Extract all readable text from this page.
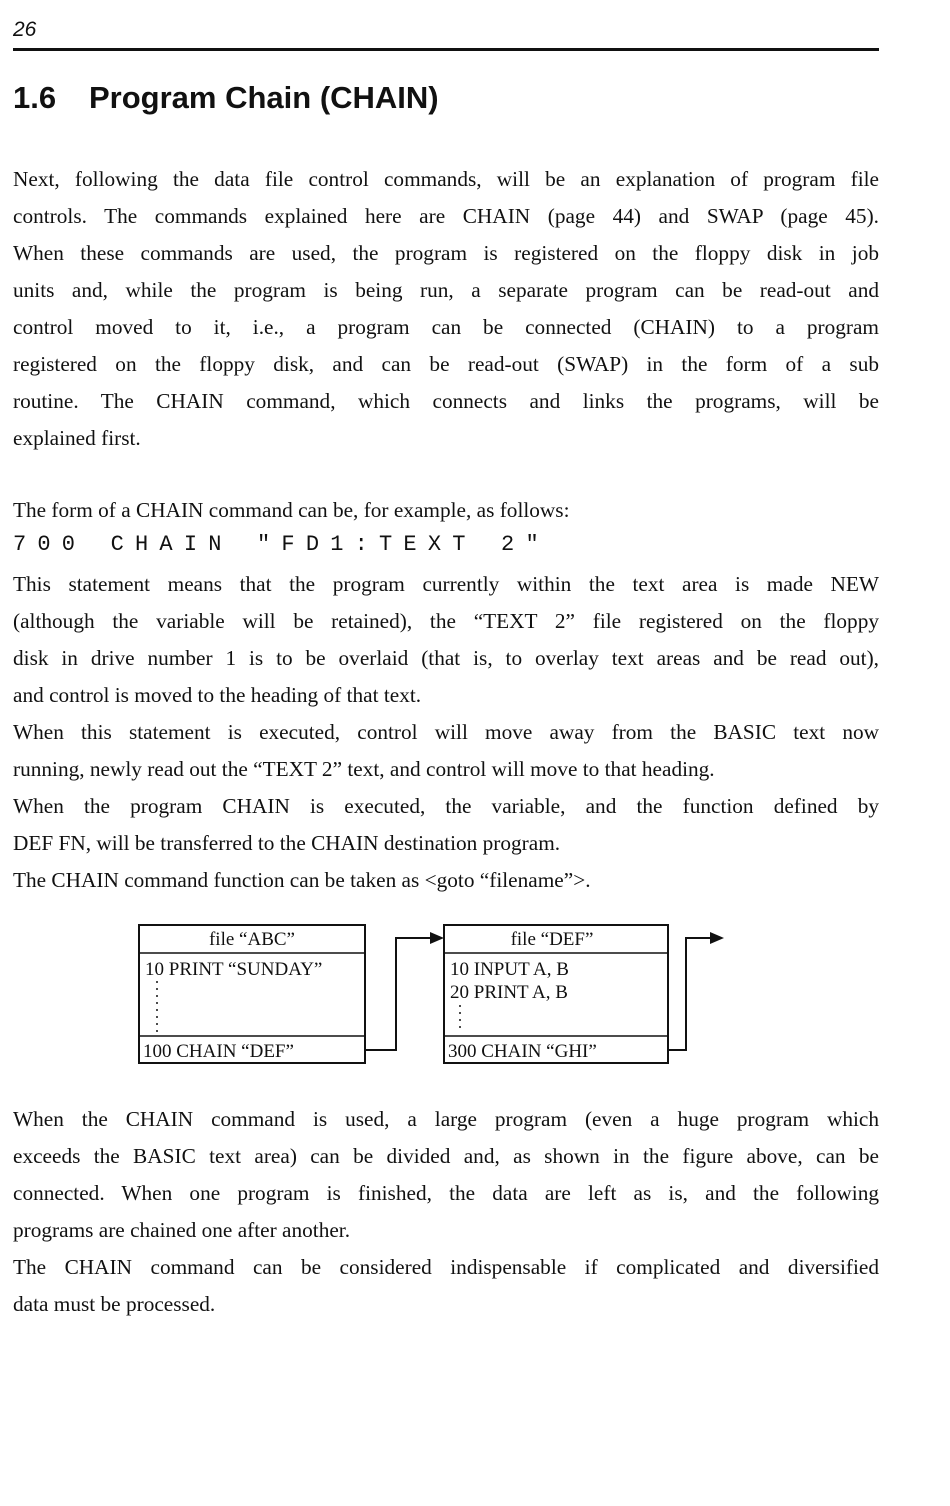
26
1.6 Program Chain (CHAIN)
Next, following the data file control commands, will be an explanation of program file
controls. The commands explained here are CHAIN (page 44) and SWAP (page 45).
When these commands are used, the program is registered on the floppy disk in job
units and, while the program is being run, a separate program can be read-out and
control moved to it, i.e., a program can be connected (CHAIN) to a program
registered on the floppy disk, and can be read-out (SWAP) in the form of a sub
routine. The CHAIN command, which connects and links the programs, will be
explained first.
The form of a CHAIN command can be, for example, as follows:
700 CHAIN "FD1:TEXT 2"
This statement means that the program currently within the text area is made NEW
(although the variable will be retained), the “TEXT 2” file registered on the floppy
disk in drive number 1 is to be overlaid (that is, to overlay text areas and be read out),
and control is moved to the heading of that text.
When this statement is executed, control will move away from the BASIC text now
running, newly read out the “TEXT 2” text, and control will move to that heading.
When the program CHAIN is executed, the variable, and the function defined by
DEF FN, will be transferred to the CHAIN destination program.
The CHAIN command function can be taken as <goto “filename”>.
file “ABC”
10 PRINT “SUNDAY”
100 CHAIN “DEF”
file “DEF”
10 INPUT A, B
20 PRINT A, B
300 CHAIN “GHI”
When the CHAIN command is used, a large program (even a huge program which
exceeds the BASIC text area) can be divided and, as shown in the figure above, can be
connected. When one program is finished, the data are left as is, and the following
programs are chained one after another.
The CHAIN command can be considered indispensable if complicated and diversified
data must be processed.
